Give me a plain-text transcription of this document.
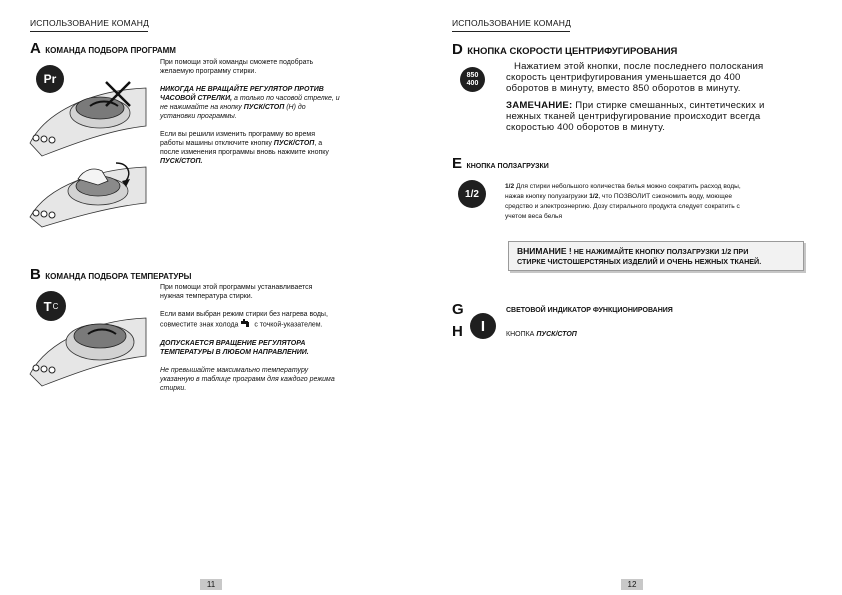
ИСПОЛЬЗОВАНИЕ КОМАНД
A КОМАНДА ПОДБОРА ПРОГРАММ
Pr
При помощи этой команды сможете подобрать
желаемую программу стирки.
НИКОГДА НЕ ВРАЩАЙТЕ РЕГУЛЯТОР ПРОТИВ
ЧАСОВОЙ СТРЕЛКИ, а только по часовой стрелке, и
не нажимайте на кнопку ПУСК/СТОП (H) до
установки программы.
Если вы решили изменить программу во время
работы машины отключите кнопку ПУСК/СТОП, а
после изменения программы вновь нажмите кнопку
ПУСК/СТОП.
B КОМАНДА ПОДБОРА ТЕМПЕРАТУРЫ
T C
При помощи этой программы устанавливается
нужная температура стирки.
Если вами выбран режим стирки без нагрева воды,
совместите знак холода  с точкой-указателем.
ДОПУСКАЕТСЯ ВРАЩЕНИЕ РЕГУЛЯТОРА
ТЕМПЕРАТУРЫ В ЛЮБОМ НАПРАВЛЕНИИ.
Не превышайте максимально температуру
указанную в таблице программ для каждого режима
стирки.
11
ИСПОЛЬЗОВАНИЕ КОМАНД
D КНОПКА СКОРОСТИ ЦЕНТРИФУГИРОВАНИЯ
850
400
Нажатием этой кнопки, после последнего полоскания
скорость центрифугирования уменьшается до 400
оборотов в минуту, вместо 850 оборотов в минуту.
ЗАМЕЧАНИЕ: При стирке смешанных, синтетических и
нежных тканей центрифугирование происходит всегда
скоростью 400 оборотов в минуту.
E КНОПКА ПОЛЗАГРУЗКИ
1/2
1/2 Для стирки небольшого количества белья можно сократить расход воды,
нажав кнопку полузагрузки 1/2, что ПОЗВОЛИТ сэкономить воду, моющее
средство и электроэнергию. Дозу стирального продукта следует сократить с
учетом веса белья
ВНИМАНИЕ ! НЕ НАЖИМАЙТЕ КНОПКУ ПОЛЗАГРУЗКИ 1/2 ПРИ
СТИРКЕ ЧИСТОШЕРСТЯНЫХ ИЗДЕЛИЙ И ОЧЕНЬ НЕЖНЫХ ТКАНЕЙ.
G	СВЕТОВОЙ ИНДИКАТОР ФУНКЦИОНИРОВАНИЯ
H I	КНОПКА ПУСК/СТОП
12
